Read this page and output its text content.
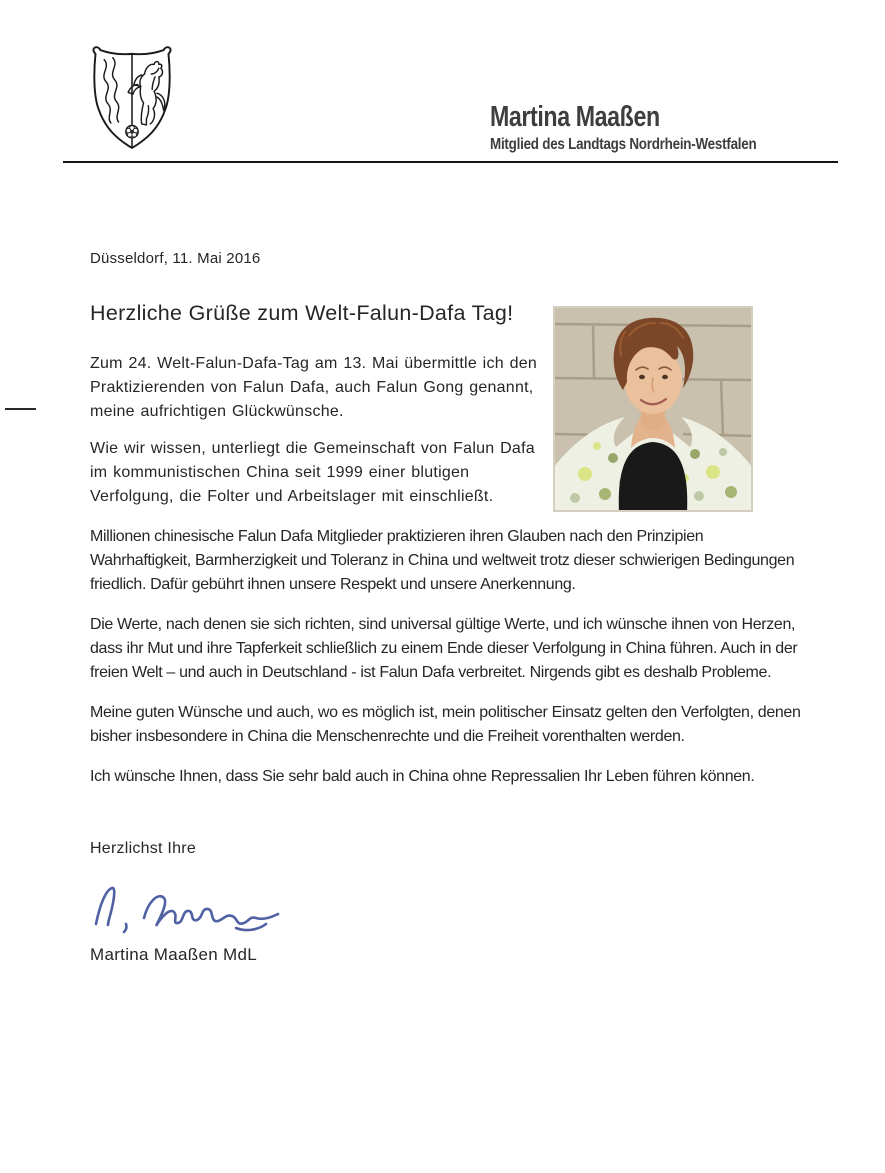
Martina Maaßen
Mitglied des Landtags Nordrhein-Westfalen
Düsseldorf, 11. Mai 2016
Herzliche Grüße zum Welt-Falun-Dafa Tag!

Zum 24. Welt-Falun-Dafa-Tag am 13. Mai übermittle ich den Praktizierenden von Falun Dafa, auch Falun Gong genannt, meine aufrichtigen Glückwünsche.

Wie wir wissen, unterliegt die Gemeinschaft von Falun Dafa im kommunistischen China seit 1999 einer blutigen Verfolgung, die Folter und Arbeitslager mit einschließt.

Millionen chinesische Falun Dafa Mitglieder praktizieren ihren Glauben nach den Prinzipien Wahrhaftigkeit, Barmherzigkeit und Toleranz in China und weltweit trotz dieser schwierigen Bedingungen friedlich. Dafür gebührt ihnen unsere Respekt und unsere Anerkennung.

Die Werte, nach denen sie sich richten, sind universal gültige Werte, und ich wünsche ihnen von Herzen, dass ihr Mut und ihre Tapferkeit schließlich zu einem Ende dieser Verfolgung in China führen. Auch in der freien Welt – und auch in Deutschland - ist Falun Dafa verbreitet. Nirgends gibt es deshalb Probleme.

Meine guten Wünsche und auch, wo es möglich ist, mein politischer Einsatz gelten den Verfolgten, denen bisher insbesondere in China die Menschenrechte und die Freiheit vorenthalten werden.

Ich wünsche Ihnen, dass Sie sehr bald auch in China ohne Repressalien Ihr Leben führen können.

Herzlichst Ihre
Martina Maaßen MdL
